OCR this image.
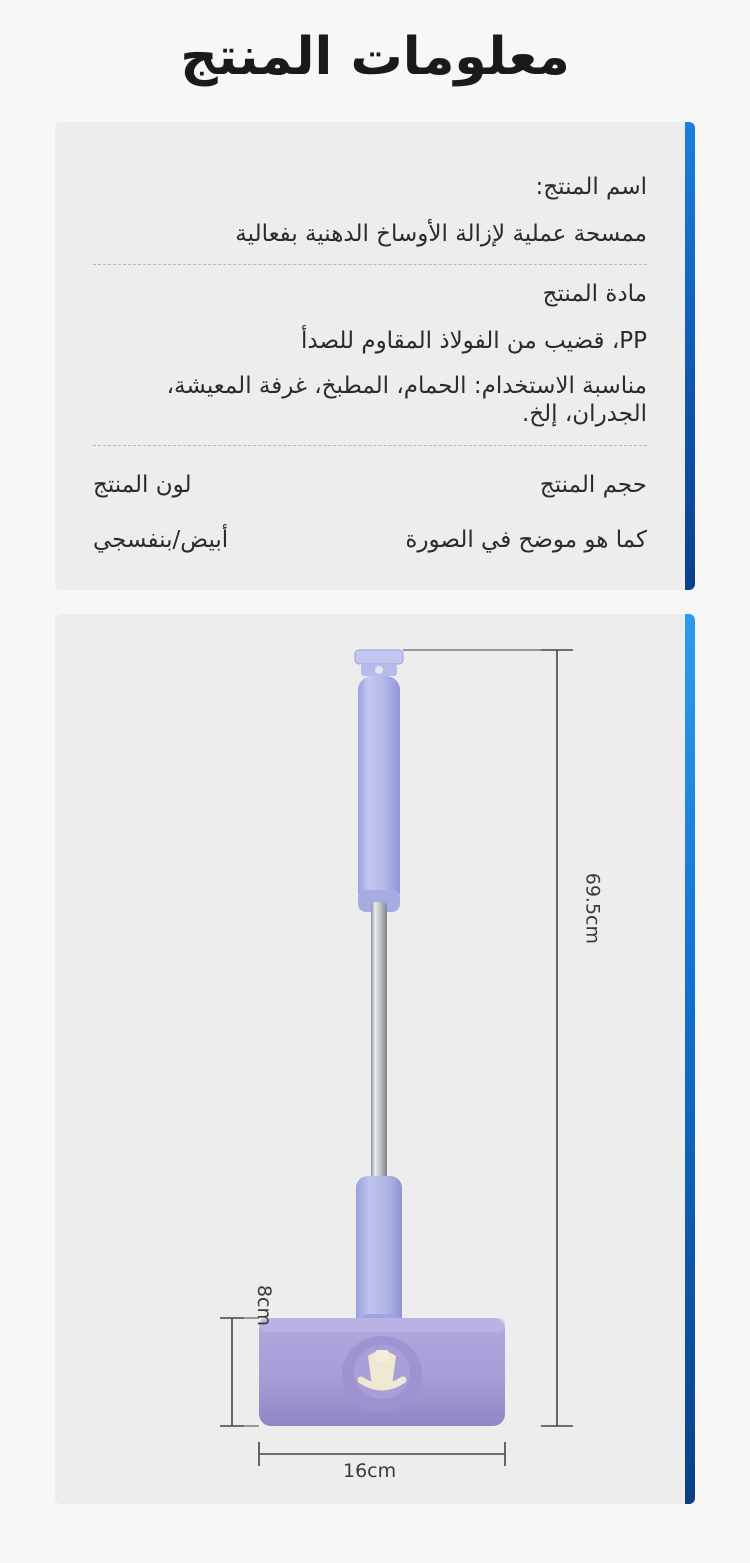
معلومات المنتج

اسم المنتج:

ممسحة عملية لإزالة الأوساخ الدهنية بفعالية

مادة المنتج

PP، قضيب من الفولاذ المقاوم للصدأ

مناسبة الاستخدام: الحمام، المطبخ، غرفة المعيشة، الجدران، إلخ.

حجم المنتج
كما هو موضح في الصورة
لون المنتج
أبيض/بنفسجي
69.5cm
8cm
16cm
